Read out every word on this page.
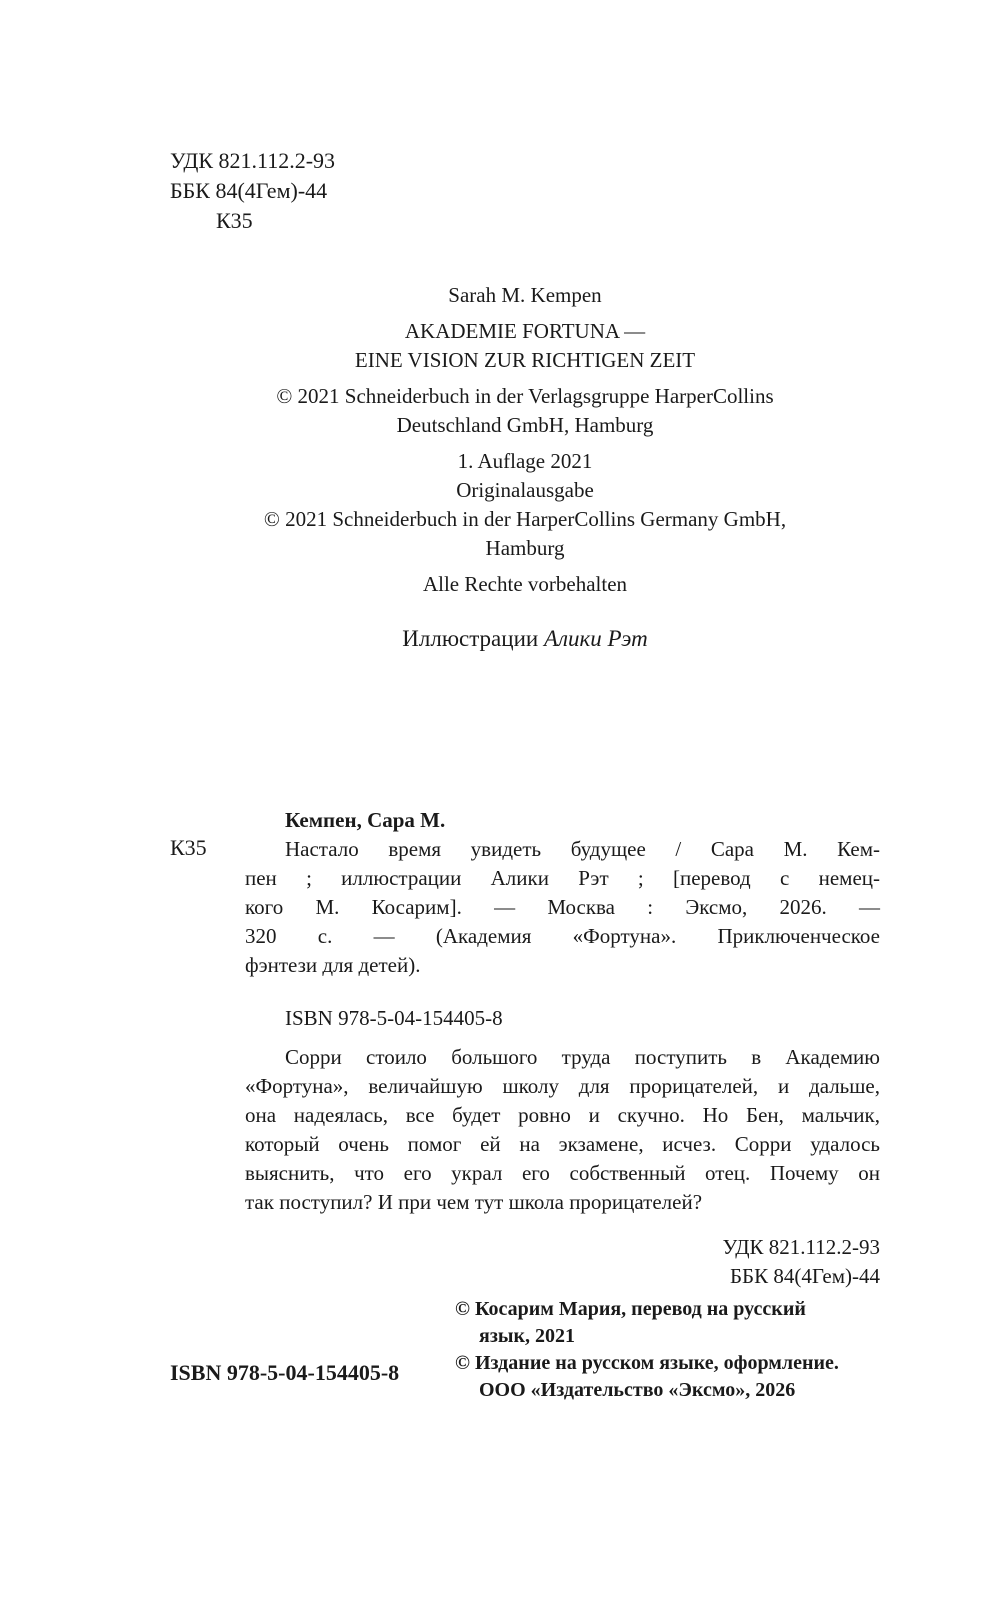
УДК 821.112.2-93
ББК 84(4Гем)-44
К35
Sarah M. Kempen
AKADEMIE FORTUNA —
EINE VISION ZUR RICHTIGEN ZEIT
© 2021 Schneiderbuch in der Verlagsgruppe HarperCollins
Deutschland GmbH, Hamburg
1. Auflage 2021
Originalausgabe
© 2021 Schneiderbuch in der HarperCollins Germany GmbH,
Hamburg
Alle Rechte vorbehalten
Иллюстрации Алики Рэт
К35
Кемпен, Сара М.
Настало время увидеть будущее / Сара М. Кем-
пен ; иллюстрации Алики Рэт ; [перевод с немец-
кого М. Косарим]. — Москва : Эксмо, 2026. —
320 с. — (Академия «Фортуна». Приключенческое
фэнтези для детей).
ISBN 978-5-04-154405-8
Сорри стоило большого труда поступить в Академию
«Фортуна», величайшую школу для прорицателей, и дальше,
она надеялась, все будет ровно и скучно. Но Бен, мальчик,
который очень помог ей на экзамене, исчез. Сорри удалось
выяснить, что его украл его собственный отец. Почему он
так поступил? И при чем тут школа прорицателей?
УДК 821.112.2-93
ББК 84(4Гем)-44
ISBN 978-5-04-154405-8
© Косарим Мария, перевод на русский
язык, 2021
© Издание на русском языке, оформление.
ООО «Издательство «Эксмо», 2026
